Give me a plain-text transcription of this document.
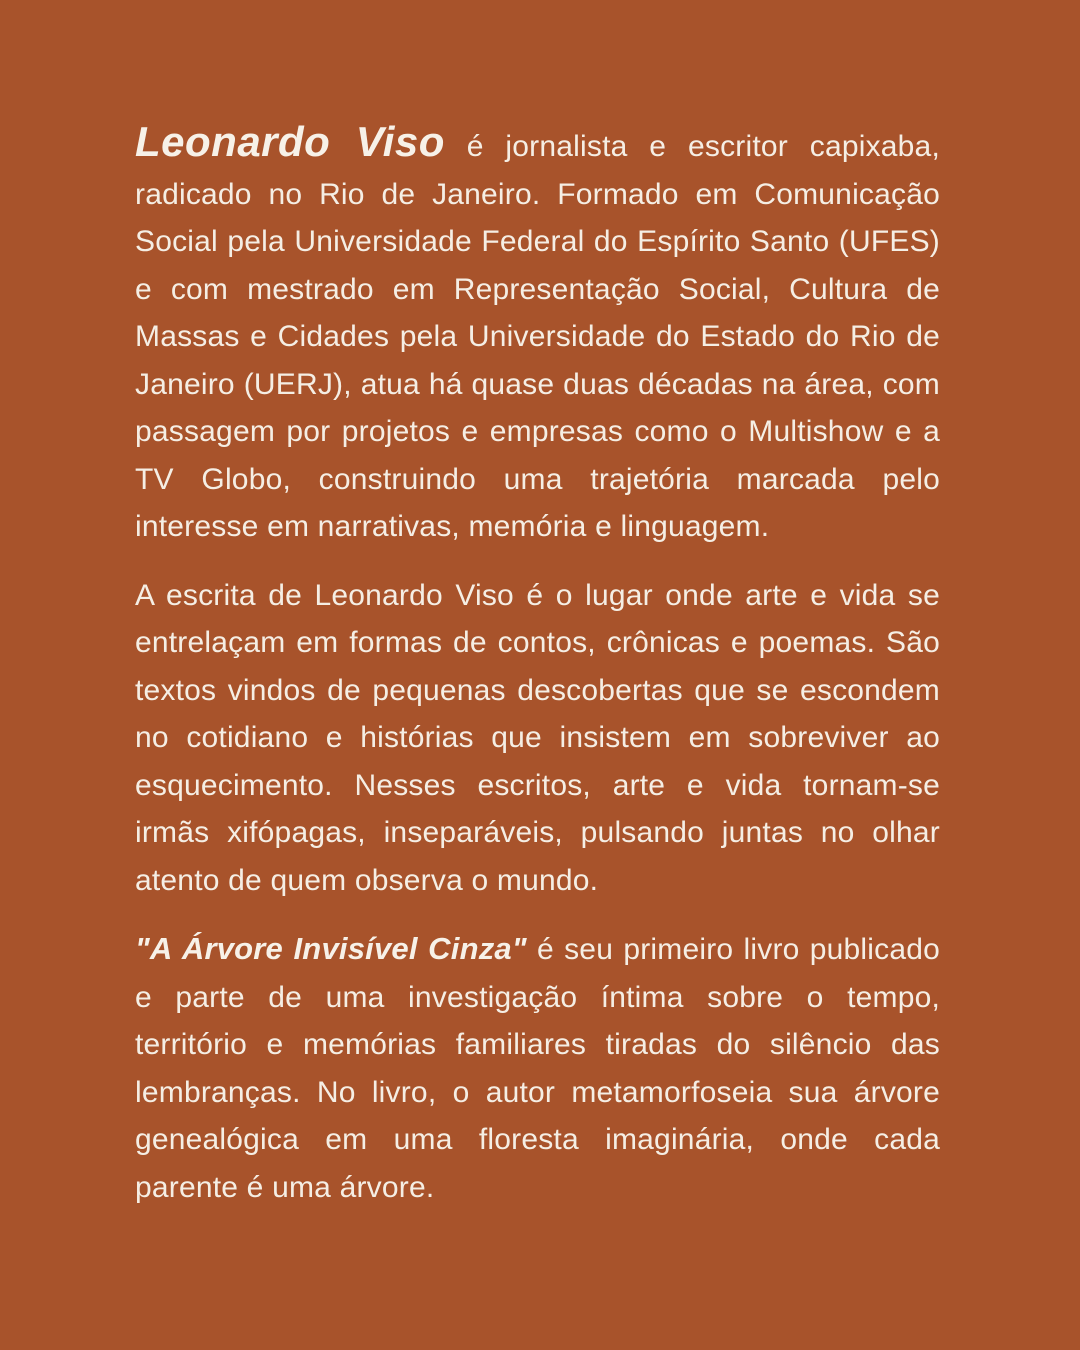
Leonardo Viso é jornalista e escritor capixaba, radicado no Rio de Janeiro. Formado em Comunicação Social pela Universidade Federal do Espírito Santo (UFES) e com mestrado em Representação Social, Cultura de Massas e Cidades pela Universidade do Estado do Rio de Janeiro (UERJ), atua há quase duas décadas na área, com passagem por projetos e empresas como o Multishow e a TV Globo, construindo uma trajetória marcada pelo interesse em narrativas, memória e linguagem.

A escrita de Leonardo Viso é o lugar onde arte e vida se entrelaçam em formas de contos, crônicas e poemas. São textos vindos de pequenas descobertas que se escondem no cotidiano e histórias que insistem em sobreviver ao esquecimento. Nesses escritos, arte e vida tornam-se irmãs xifópagas, inseparáveis, pulsando juntas no olhar atento de quem observa o mundo.

"A Árvore Invisível Cinza" é seu primeiro livro publicado e parte de uma investigação íntima sobre o tempo, território e memórias familiares tiradas do silêncio das lembranças. No livro, o autor metamorfoseia sua árvore genealógica em uma floresta imaginária, onde cada parente é uma árvore.
